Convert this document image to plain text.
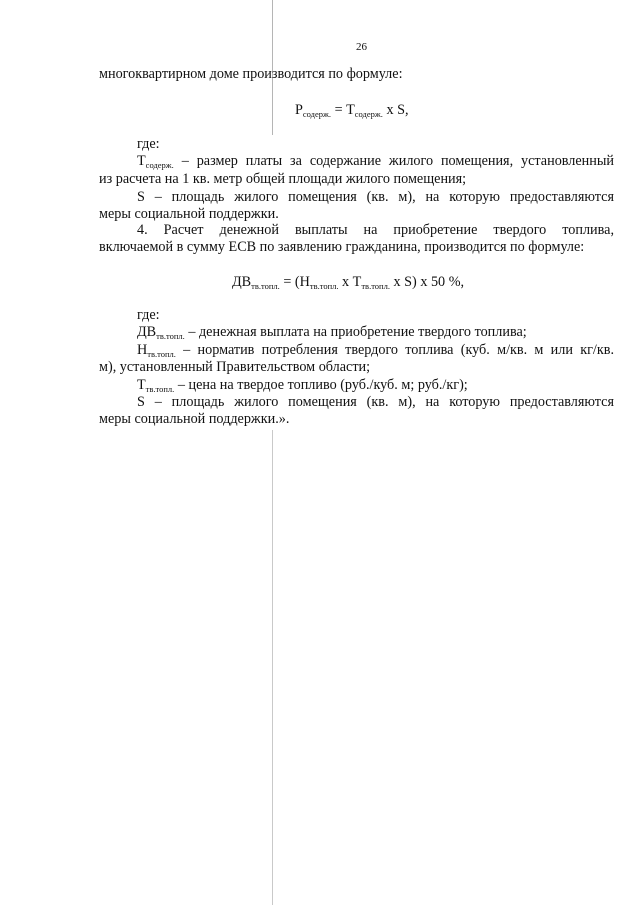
26
многоквартирном доме производится по формуле:
$Р_{содерж.} = Т_{содерж.}$ x S,
где:
$Т_{содерж.}$ – размер платы за содержание жилого помещения, установленный
из расчета на 1 кв. метр общей площади жилого помещения;
S – площадь жилого помещения (кв. м), на которую предоставляются
меры социальной поддержки.
4. Расчет денежной выплаты на приобретение твердого топлива,
включаемой в сумму ЕСВ по заявлению гражданина, производится по формуле:
$ДВ_{тв.топл.} = (Н_{тв.топл.}$ x $Т_{тв.топл.}$ x S) x 50 %,
где:
$ДВ_{тв.топл.}$ – денежная выплата на приобретение твердого топлива;
$Н_{тв.топл.}$ – норматив потребления твердого топлива (куб. м/кв. м или кг/кв.
м), установленный Правительством области;
$Т_{тв.топл.}$ – цена на твердое топливо (руб./куб. м; руб./кг);
S – площадь жилого помещения (кв. м), на которую предоставляются
меры социальной поддержки.».
